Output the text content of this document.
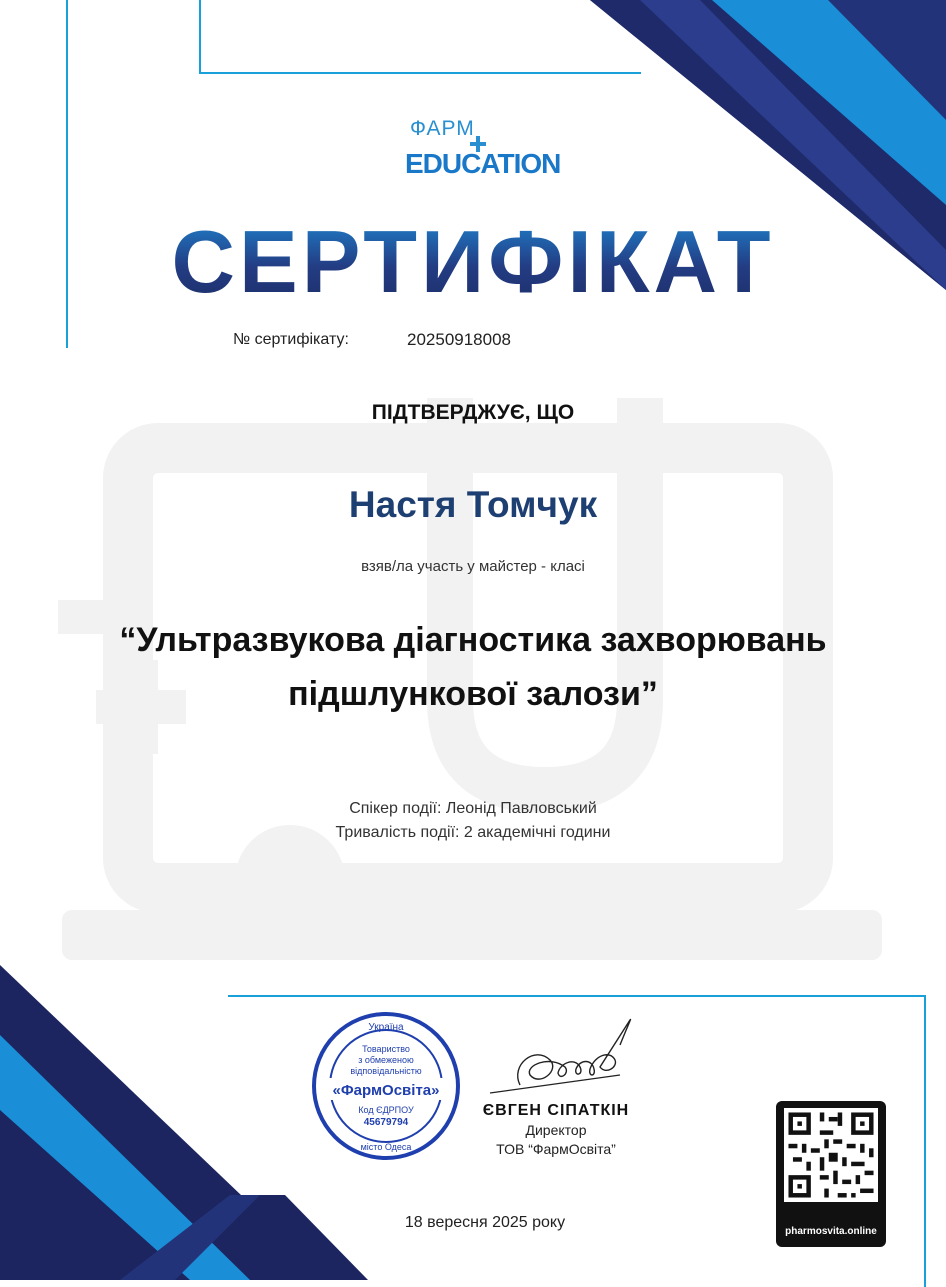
ФАРМ
EDUCATION
СЕРТИФІКАТ
№ сертифікату:	20250918008
ПІДТВЕРДЖУЄ, ЩО
Настя Томчук
взяв/ла участь у майстер - класі
“Ультразвукова діагностика захворювань
підшлункової залози”
Спікер події: Леонід Павловський
Тривалість події: 2 академічні години
Україна
Товариство
з обмеженою
відповідальністю
«ФармОсвіта»
Код ЄДРПОУ
45679794
місто Одеса
ЄВГЕН СІПАТКІН
Директор
ТОВ “ФармОсвіта”
18 вересня 2025 року
pharmosvita.online
